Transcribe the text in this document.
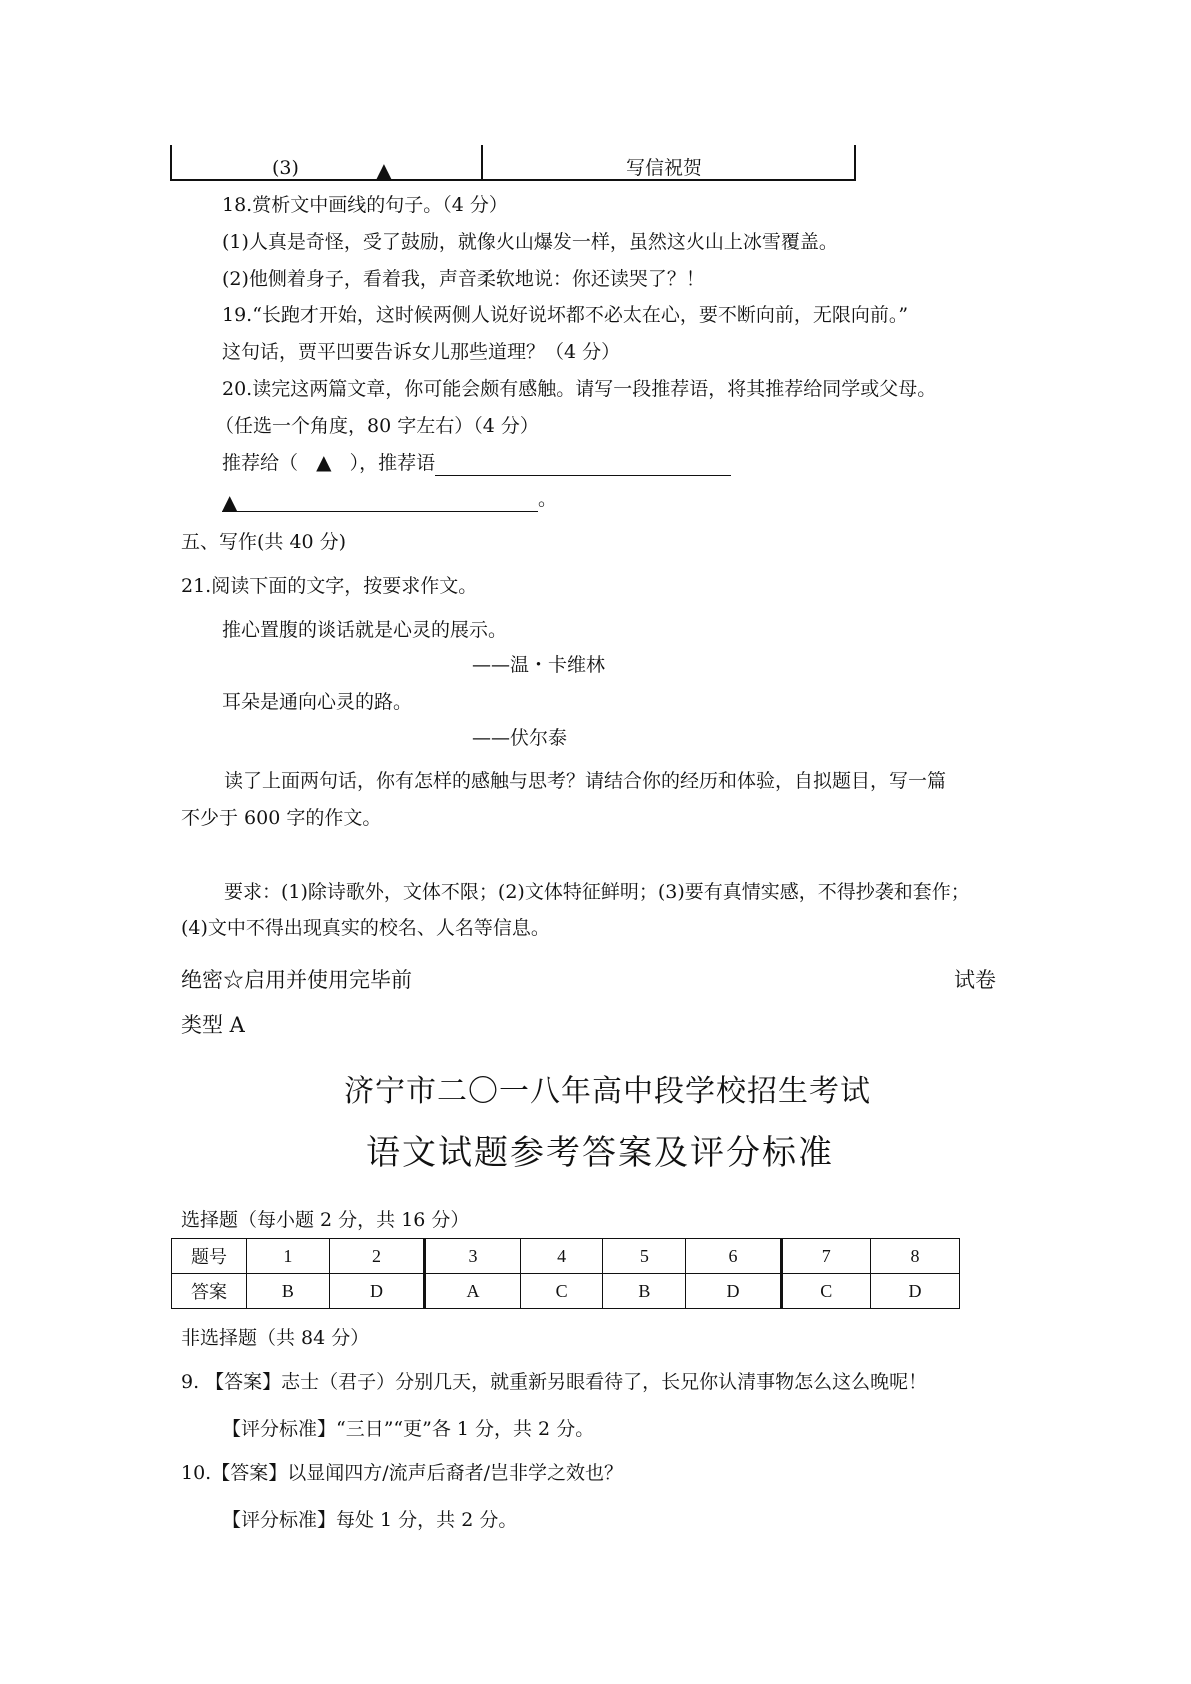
(3)	▲	写信祝贺
18.赏析文中画线的句子。（4 分）
(1)人真是奇怪，受了鼓励，就像火山爆发一样，虽然这火山上冰雪覆盖。
(2)他侧着身子，看着我，声音柔软地说：你还读哭了？！
19.“长跑才开始，这时候两侧人说好说坏都不必太在心，要不断向前，无限向前。”
这句话，贾平凹要告诉女儿那些道理？（4 分）
20.读完这两篇文章，你可能会颇有感触。请写一段推荐语，将其推荐给同学或父母。
（任选一个角度，80 字左右）（4 分）
推荐给（ ▲ ），推荐语
▲	。
五、写作(共 40 分)
21.阅读下面的文字，按要求作文。
推心置腹的谈话就是心灵的展示。
——温・卡维林
耳朵是通向心灵的路。
——伏尔泰
读了上面两句话，你有怎样的感触与思考？请结合你的经历和体验，自拟题目，写一篇
不少于 600 字的作文。
要求：(1)除诗歌外，文体不限；(2)文体特征鲜明；(3)要有真情实感，不得抄袭和套作；
(4)文中不得出现真实的校名、人名等信息。
绝密☆启用并使用完毕前	试卷
类型 A
济宁市二〇一八年高中段学校招生考试
语文试题参考答案及评分标准
选择题（每小题 2 分，共 16 分）
题号	1	2	3	4	5	6	7	8
答案	B	D	A	C	B	D	C	D
非选择题（共 84 分）
9. 【答案】志士（君子）分别几天，就重新另眼看待了，长兄你认清事物怎么这么晚呢！
【评分标准】“三日”“更”各 1 分，共 2 分。
10.【答案】以显闻四方/流声后裔者/岂非学之效也？
【评分标准】每处 1 分，共 2 分。
